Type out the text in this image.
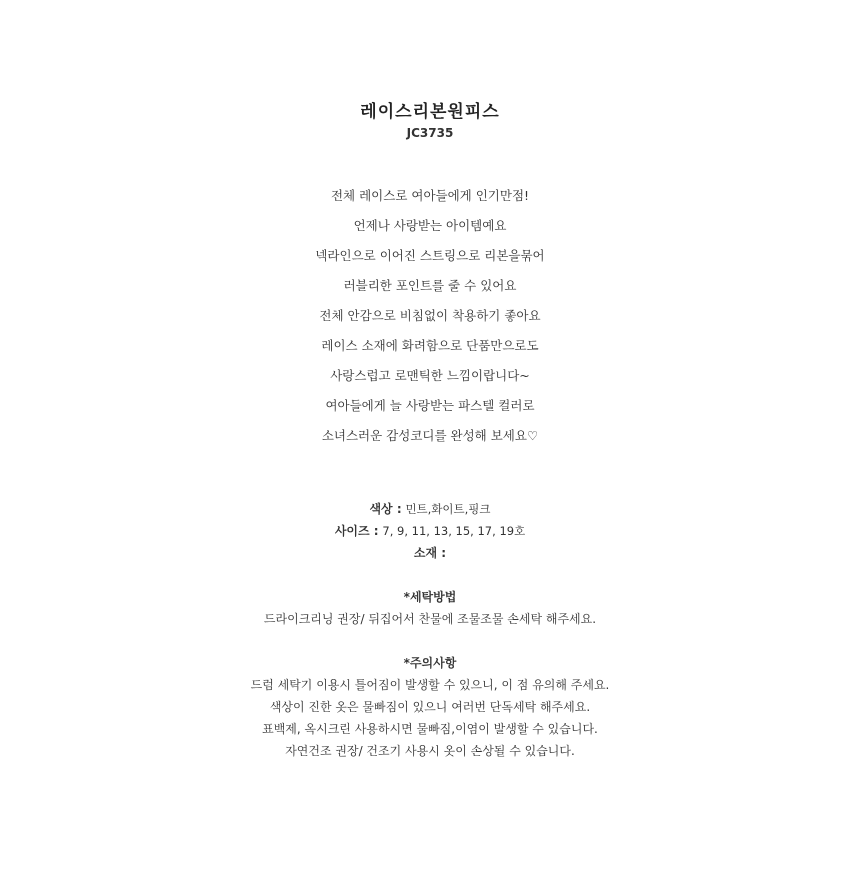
레이스리본원피스
JC3735
전체 레이스로 여아들에게 인기만점!
언제나 사랑받는 아이템예요
넥라인으로 이어진 스트링으로 리본을묶어
러블리한 포인트를 줄 수 있어요
전체 안감으로 비침없이 착용하기 좋아요
레이스 소재에 화려함으로 단품만으로도
사랑스럽고 로맨틱한 느낌이랍니다~
여아들에게 늘 사랑받는 파스텔 컬러로
소녀스러운 감성코디를 완성해 보세요♡
색상 : 민트,화이트,핑크
사이즈 : 7, 9, 11, 13, 15, 17, 19호
소재 :
*세탁방법
드라이크리닝 권장/ 뒤집어서 찬물에 조물조물 손세탁 해주세요.
*주의사항
드럼 세탁기 이용시 틀어짐이 발생할 수 있으니, 이 점 유의해 주세요.
색상이 진한 옷은 물빠짐이 있으니 여러번 단독세탁 해주세요.
표백제, 옥시크린 사용하시면 물빠짐,이염이 발생할 수 있습니다.
자연건조 권장/ 건조기 사용시 옷이 손상될 수 있습니다.
